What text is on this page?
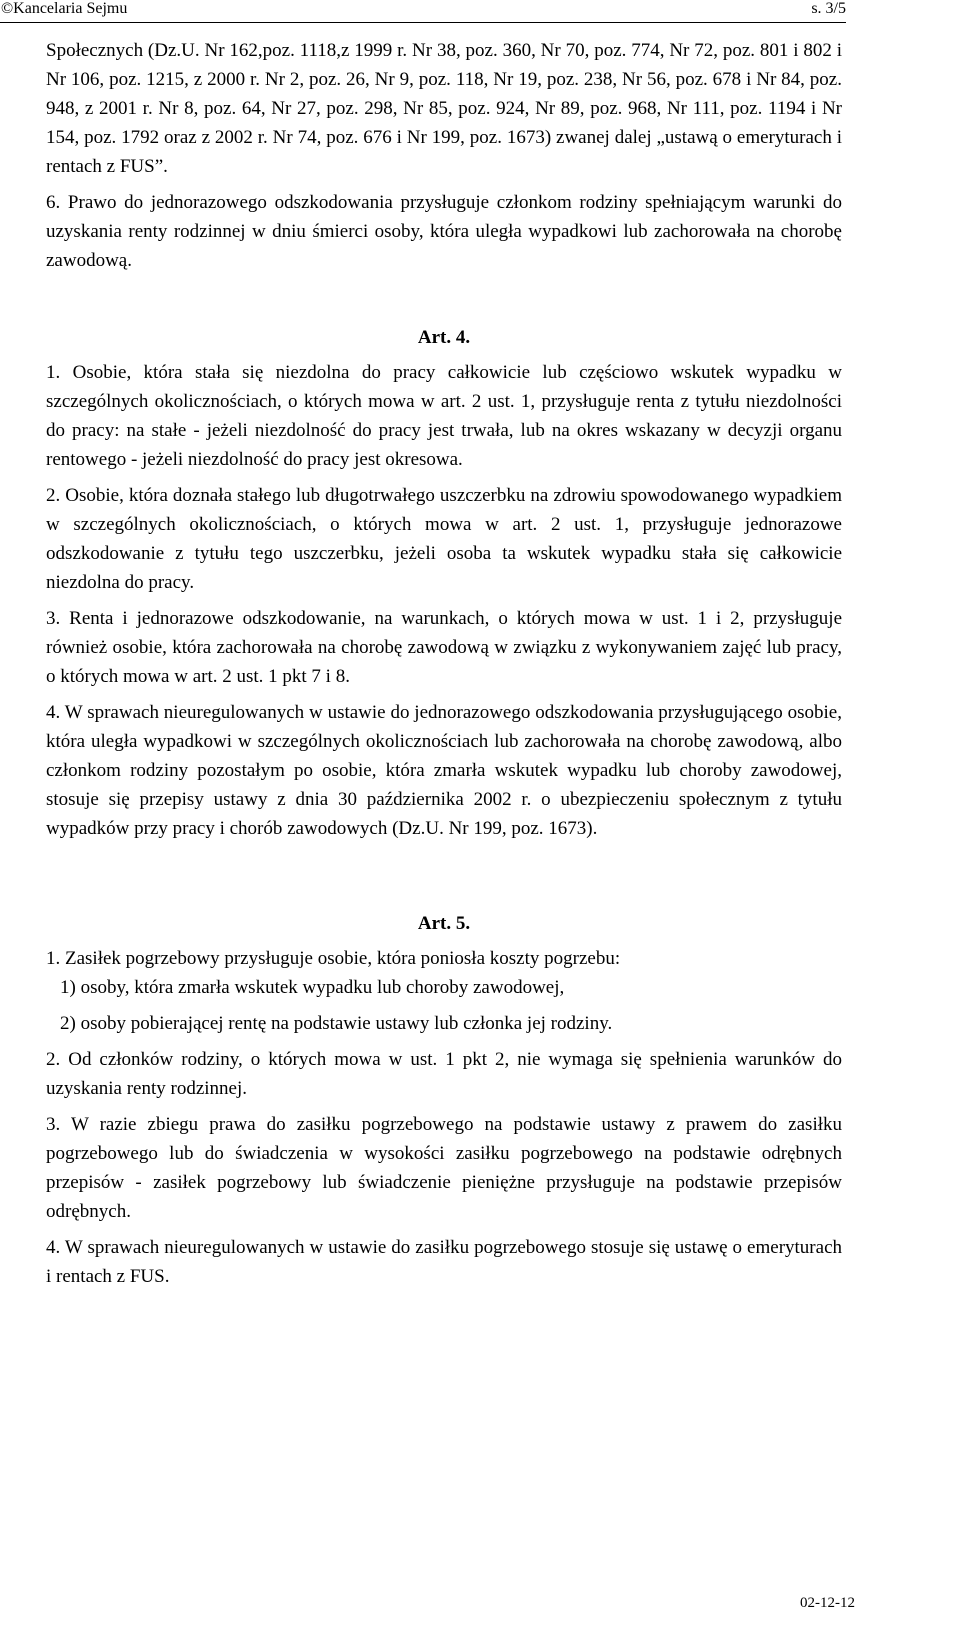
©Kancelaria Sejmu	s. 3/5

Społecznych (Dz.U. Nr 162,poz. 1118,z 1999 r. Nr 38, poz. 360, Nr 70, poz. 774, Nr 72, poz. 801 i 802 i Nr 106, poz. 1215, z 2000 r. Nr 2, poz. 26, Nr 9, poz. 118, Nr 19, poz. 238, Nr 56, poz. 678 i Nr 84, poz. 948, z 2001 r. Nr 8, poz. 64, Nr 27, poz. 298, Nr 85, poz. 924, Nr 89, poz. 968, Nr 111, poz. 1194 i Nr 154, poz. 1792 oraz z 2002 r. Nr 74, poz. 676 i Nr 199, poz. 1673) zwanej dalej „ustawą o emeryturach i rentach z FUS”.

6. Prawo do jednorazowego odszkodowania przysługuje członkom rodziny spełniającym warunki do uzyskania renty rodzinnej w dniu śmierci osoby, która uległa wypadkowi lub zachorowała na chorobę zawodową.

Art. 4.

1. Osobie, która stała się niezdolna do pracy całkowicie lub częściowo wskutek wypadku w szczególnych okolicznościach, o których mowa w art. 2 ust. 1, przysługuje renta z tytułu niezdolności do pracy: na stałe - jeżeli niezdolność do pracy jest trwała, lub na okres wskazany w decyzji organu rentowego - jeżeli niezdolność do pracy jest okresowa.

2. Osobie, która doznała stałego lub długotrwałego uszczerbku na zdrowiu spowodowanego wypadkiem w szczególnych okolicznościach, o których mowa w art. 2 ust. 1, przysługuje jednorazowe odszkodowanie z tytułu tego uszczerbku, jeżeli osoba ta wskutek wypadku stała się całkowicie niezdolna do pracy.

3. Renta i jednorazowe odszkodowanie, na warunkach, o których mowa w ust. 1 i 2, przysługuje również osobie, która zachorowała na chorobę zawodową w związku z wykonywaniem zajęć lub pracy, o których mowa w art. 2 ust. 1 pkt 7 i 8.

4. W sprawach nieuregulowanych w ustawie do jednorazowego odszkodowania przysługującego osobie, która uległa wypadkowi w szczególnych okolicznościach lub zachorowała na chorobę zawodową, albo członkom rodziny pozostałym po osobie, która zmarła wskutek wypadku lub choroby zawodowej, stosuje się przepisy ustawy z dnia 30 października 2002 r. o ubezpieczeniu społecznym z tytułu wypadków przy pracy i chorób zawodowych (Dz.U. Nr 199, poz. 1673).

Art. 5.

1. Zasiłek pogrzebowy przysługuje osobie, która poniosła koszty pogrzebu:

1) osoby, która zmarła wskutek wypadku lub choroby zawodowej,

2) osoby pobierającej rentę na podstawie ustawy lub członka jej rodziny.

2. Od członków rodziny, o których mowa w ust. 1 pkt 2, nie wymaga się spełnienia warunków do uzyskania renty rodzinnej.

3. W razie zbiegu prawa do zasiłku pogrzebowego na podstawie ustawy z prawem do zasiłku pogrzebowego lub do świadczenia w wysokości zasiłku pogrzebowego na podstawie odrębnych przepisów - zasiłek pogrzebowy lub świadczenie pieniężne przysługuje na podstawie przepisów odrębnych.

4. W sprawach nieuregulowanych w ustawie do zasiłku pogrzebowego stosuje się ustawę o emeryturach i rentach z FUS.

02-12-12
